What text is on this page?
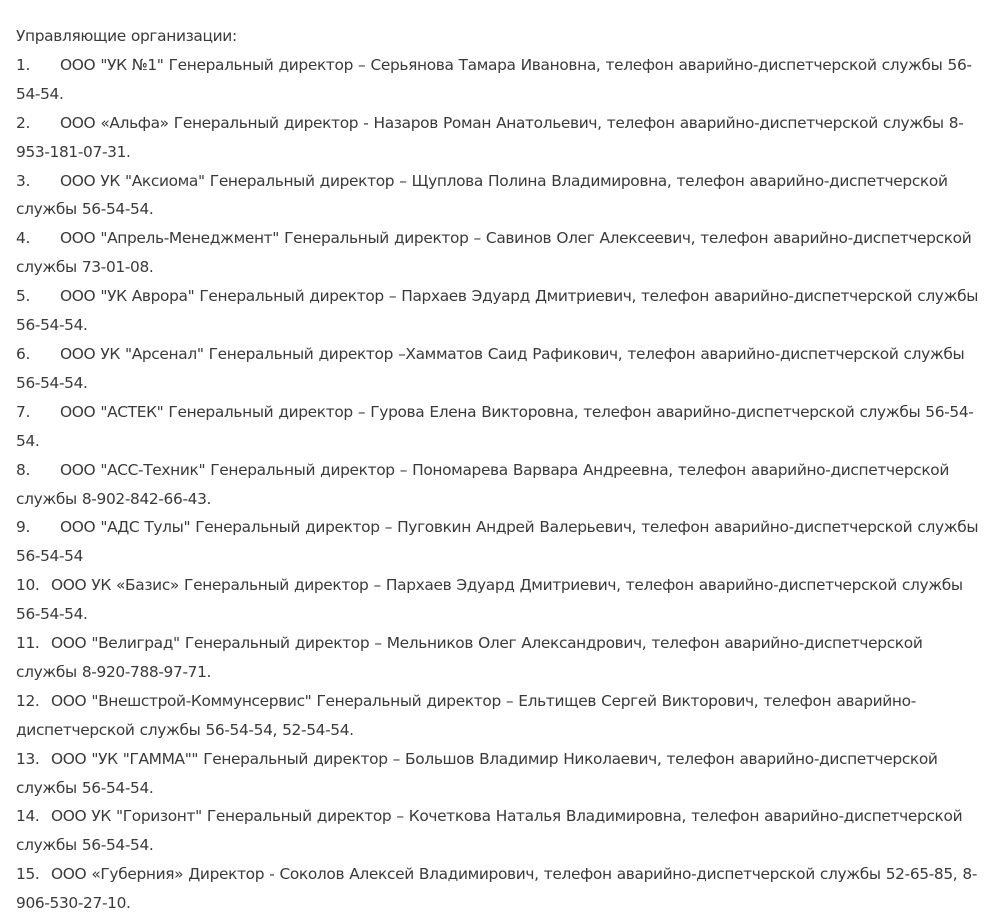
Управляющие организации:

1. ООО "УК №1" Генеральный директор – Серьянова Тамара Ивановна, телефон аварийно-диспетчерской службы 56-54-54.
2. ООО «Альфа» Генеральный директор - Назаров Роман Анатольевич, телефон аварийно-диспетчерской службы 8-953-181-07-31.
3. ООО УК "Аксиома" Генеральный директор – Щуплова Полина Владимировна, телефон аварийно-диспетчерской службы 56-54-54.
4. ООО "Апрель-Менеджмент" Генеральный директор – Савинов Олег Алексеевич, телефон аварийно-диспетчерской службы 73-01-08.
5. ООО "УК Аврора" Генеральный директор – Пархаев Эдуард Дмитриевич, телефон аварийно-диспетчерской службы 56-54-54.
6. ООО УК "Арсенал" Генеральный директор –Хамматов Саид Рафикович, телефон аварийно-диспетчерской службы 56-54-54.
7. ООО "АСТЕК" Генеральный директор – Гурова Елена Викторовна, телефон аварийно-диспетчерской службы 56-54-54.
8. ООО "АСС-Техник" Генеральный директор – Пономарева Варвара Андреевна, телефон аварийно-диспетчерской службы 8-902-842-66-43.
9. ООО "АДС Тулы" Генеральный директор – Пуговкин Андрей Валерьевич, телефон аварийно-диспетчерской службы 56-54-54
10. ООО УК «Базис» Генеральный директор – Пархаев Эдуард Дмитриевич, телефон аварийно-диспетчерской службы 56-54-54.
11. ООО "Велиград" Генеральный директор – Мельников Олег Александрович, телефон аварийно-диспетчерской службы 8-920-788-97-71.
12. ООО "Внешстрой-Коммунсервис" Генеральный директор – Ельтищев Сергей Викторович, телефон аварийно-диспетчерской службы 56-54-54, 52-54-54.
13. ООО "УК "ГАММА"" Генеральный директор – Большов Владимир Николаевич, телефон аварийно-диспетчерской службы 56-54-54.
14. ООО УК "Горизонт" Генеральный директор – Кочеткова Наталья Владимировна, телефон аварийно-диспетчерской службы 56-54-54.
15. ООО «Губерния» Директор - Соколов Алексей Владимирович, телефон аварийно-диспетчерской службы 52-65-85, 8-906-530-27-10.
